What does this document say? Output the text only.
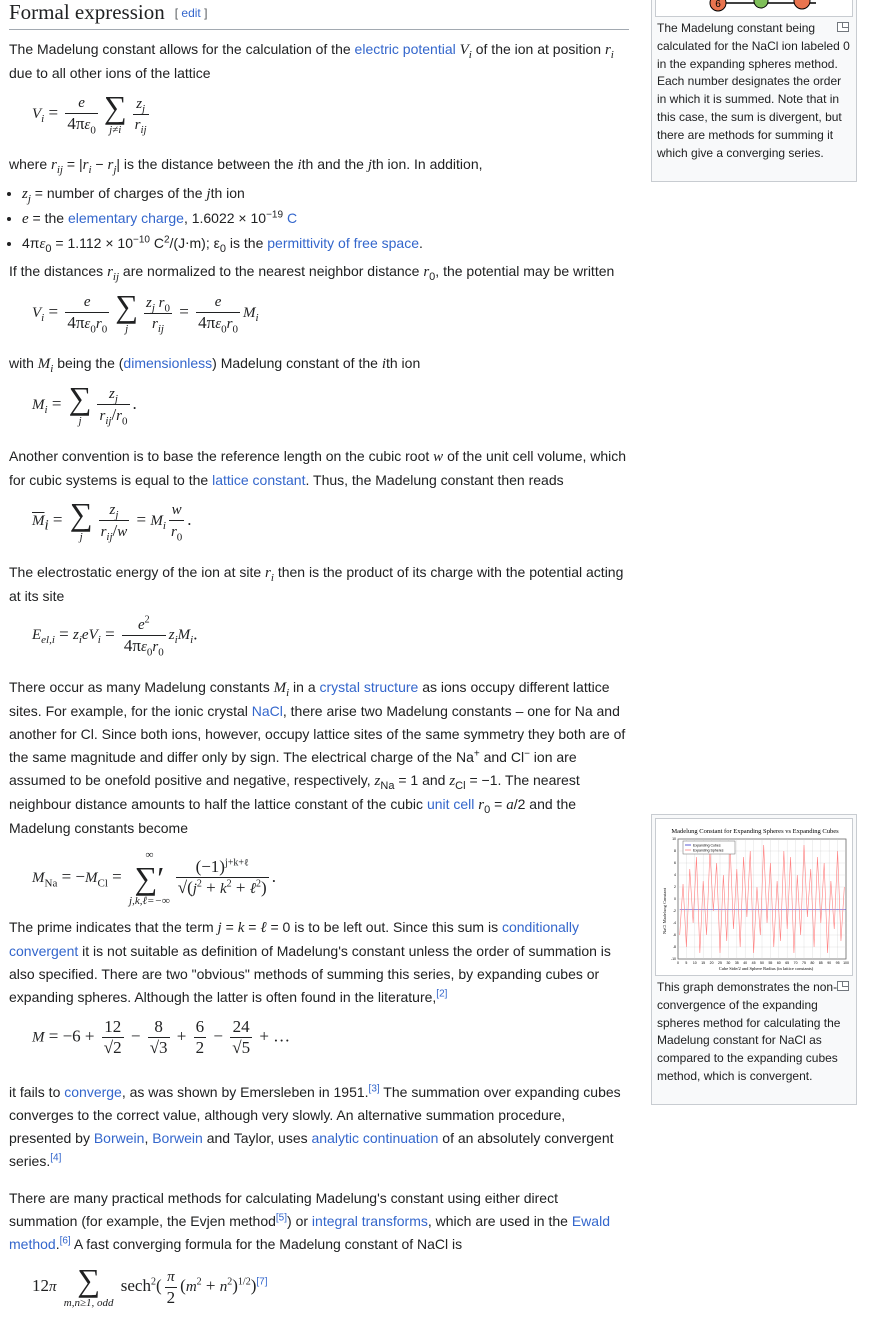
Formal expression [ edit ]

The Madelung constant allows for the calculation of the electric potential $V_i$ of the ion at position $r_i$ due to all other ions of the lattice

$V_i = \frac{e}{4\pi\varepsilon_0}$ ∑
$j\ne i \frac{z_j}{r_{ij}}$

where $r_{ij} = |r_i - r_j|$ is the distance between the ith and the jth ion. In addition,

• $z_j$ = number of charges of the jth ion
• e = the elementary charge, $1.6022 \times 10^{-19}$ C
• $4\pi\varepsilon_0 = 1.112 \times 10^{-10}$ $C^2/(J\cdot m)$; $\varepsilon_0$ is the permittivity of free space.

If the distances $r_{ij}$ are normalized to the nearest neighbor distance $r_0$, the potential may be written

$V_i = \frac{e}{4\pi\varepsilon_0r_0}$ ∑
j	$\frac{z_j r_0}{r_{ij}} = \frac{e}{4\pi\varepsilon_0r_0} M_i$

with $M_i$ being the (dimensionless) Madelung constant of the ith ion

$M_i$ = ∑
j	$\frac{z_j}{r_{ij}/r_0}$ .

Another convention is to base the reference length on the cubic root w of the unit cell volume, which for cubic systems is equal to the lattice constant. Thus, the Madelung constant then reads

$\overline{M}_i$ = ∑
j	$\frac{z_j}{r_{ij}/w} = M_i \frac{w}{r_0}$ .

The electrostatic energy of the ion at site $r_i$ then is the product of its charge with the potential acting at its site

$E_{el,i} = z_ieV_i = \frac{e^2}{4\pi\varepsilon_0r_0} z_iM_i$.

There occur as many Madelung constants $M_i$ in a crystal structure as ions occupy different lattice sites. For example, for the ionic crystal NaCl, there arise two Madelung constants – one for Na and another for Cl. Since both ions, however, occupy lattice sites of the same symmetry they both are of the same magnitude and differ only by sign. The electrical charge of the Na+ and Cl− ion are assumed to be onefold positive and negative, respectively, $z_{Na} = 1$ and $z_{Cl} = -1$. The nearest neighbour distance amounts to half the lattice constant of the cubic unit cell $r_0 = a/2$ and the Madelung constants become

$M_{Na} = -M_{Cl}$ =
∞
∑′
j,k,ℓ=−∞
$\frac{(-1)^{j+k+\ell}}{√(j^2 + k^2 + \ell^2)}$ .

The prime indicates that the term j = k = ℓ = 0 is to be left out. Since this sum is conditionally convergent it is not suitable as definition of Madelung's constant unless the order of summation is also specified. There are two "obvious" methods of summing this series, by expanding cubes or expanding spheres. Although the latter is often found in the literature,[2]

$M = -6 + \frac{12}{√2} - \frac{8}{√3} + \frac{6}{2} - \frac{24}{√5}$ + …

it fails to converge, as was shown by Emersleben in 1951.[3] The summation over expanding cubes converges to the correct value, although very slowly. An alternative summation procedure, presented by Borwein, Borwein and Taylor, uses analytic continuation of an absolutely convergent series.[4]

There are many practical methods for calculating Madelung's constant using either direct summation (for example, the Evjen method[5]) or integral transforms, which are used in the Ewald method.[6] A fast converging formula for the Madelung constant of NaCl is

12π ∑
m,n≥1, odd
$\sec h^2( \frac{\pi}{2} (m^2 + n^2)^{1/2})[7]$
6
The Madelung constant being calculated for the NaCl ion labeled 0 in the expanding spheres method. Each number designates the order in which it is summed. Note that in this case, the sum is divergent, but there are methods for summing it which give a converging series.
Madelung Constant for Expanding Spheres vs Expanding Cubes
0 5 10 15 20 25 30 35 40 45 50 55 60 65 70 75 80 85 90 95 100
10
8
6
4
2
0
-2
-4
-6
-8
-10
Expanding Cubes
Expanding Spheres
NaCl Madelung Constant
Cube Side/2 and Sphere Radius (in lattice constants)
This graph demonstrates the non-convergence of the expanding spheres method for calculating the Madelung constant for NaCl as compared to the expanding cubes method, which is convergent.
